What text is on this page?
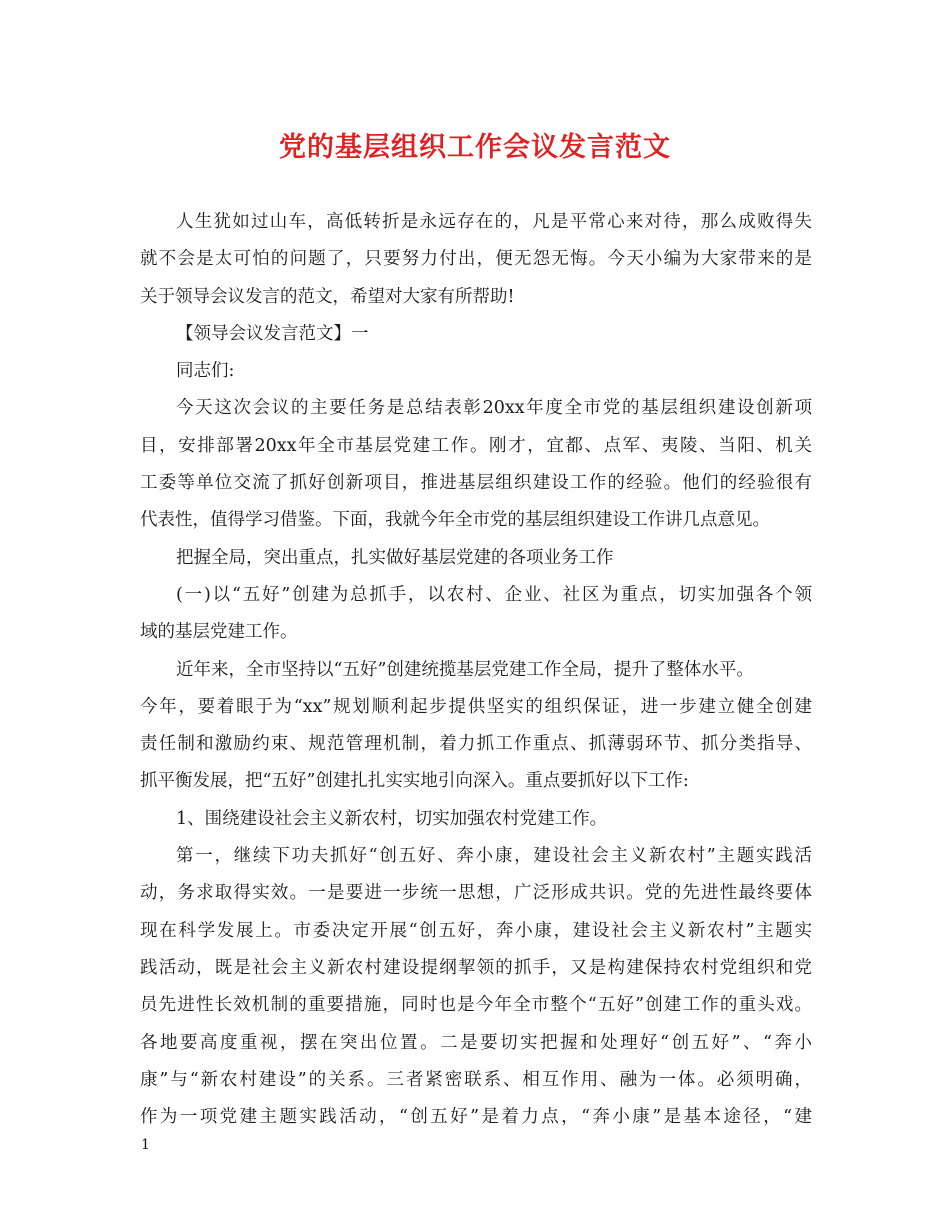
党的基层组织工作会议发言范文
人生犹如过山车，高低转折是永远存在的，凡是平常心来对待，那么成败得失
就不会是太可怕的问题了，只要努力付出，便无怨无悔。今天小编为大家带来的是
关于领导会议发言的范文，希望对大家有所帮助!
【领导会议发言范文】一
同志们:
今天这次会议的主要任务是总结表彰20xx年度全市党的基层组织建设创新项
目，安排部署20xx年全市基层党建工作。刚才，宜都、点军、夷陵、当阳、机关
工委等单位交流了抓好创新项目，推进基层组织建设工作的经验。他们的经验很有
代表性，值得学习借鉴。下面，我就今年全市党的基层组织建设工作讲几点意见。
把握全局，突出重点，扎实做好基层党建的各项业务工作
(一)以“五好”创建为总抓手，以农村、企业、社区为重点，切实加强各个领
域的基层党建工作。
近年来，全市坚持以“五好”创建统揽基层党建工作全局，提升了整体水平。
今年，要着眼于为“xx”规划顺利起步提供坚实的组织保证，进一步建立健全创建
责任制和激励约束、规范管理机制，着力抓工作重点、抓薄弱环节、抓分类指导、
抓平衡发展，把“五好”创建扎扎实实地引向深入。重点要抓好以下工作:
1、围绕建设社会主义新农村，切实加强农村党建工作。
第一，继续下功夫抓好“创五好、奔小康，建设社会主义新农村”主题实践活
动，务求取得实效。一是要进一步统一思想，广泛形成共识。党的先进性最终要体
现在科学发展上。市委决定开展“创五好，奔小康，建设社会主义新农村”主题实
践活动，既是社会主义新农村建设提纲挈领的抓手，又是构建保持农村党组织和党
员先进性长效机制的重要措施，同时也是今年全市整个“五好”创建工作的重头戏。
各地要高度重视，摆在突出位置。二是要切实把握和处理好“创五好”、“奔小
康”与“新农村建设”的关系。三者紧密联系、相互作用、融为一体。必须明确，
作为一项党建主题实践活动，“创五好”是着力点，“奔小康”是基本途径，“建
1
